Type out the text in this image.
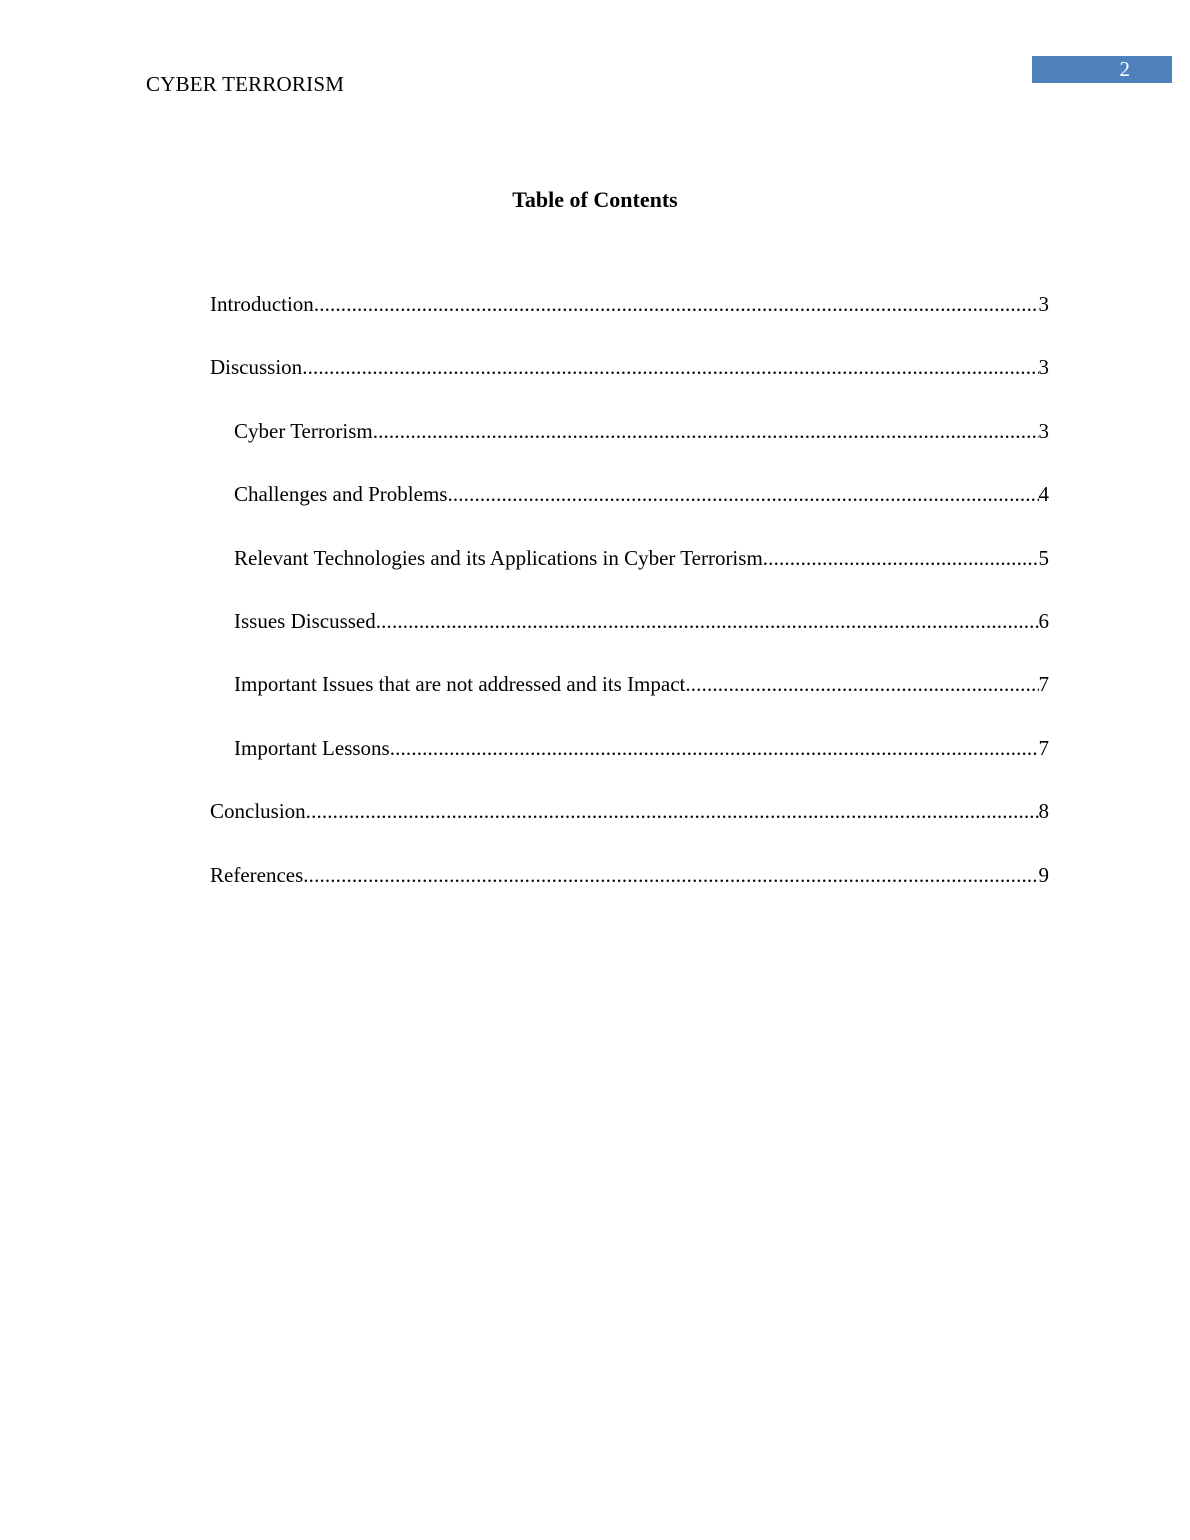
CYBER TERRORISM
2
Table of Contents
Introduction .....	3
Discussion .....	3
Cyber Terrorism .....	3
Challenges and Problems .....	4
Relevant Technologies and its Applications in Cyber Terrorism .....	5
Issues Discussed .....	6
Important Issues that are not addressed and its Impact .....	7
Important Lessons .....	7
Conclusion .....	8
References .....	9
